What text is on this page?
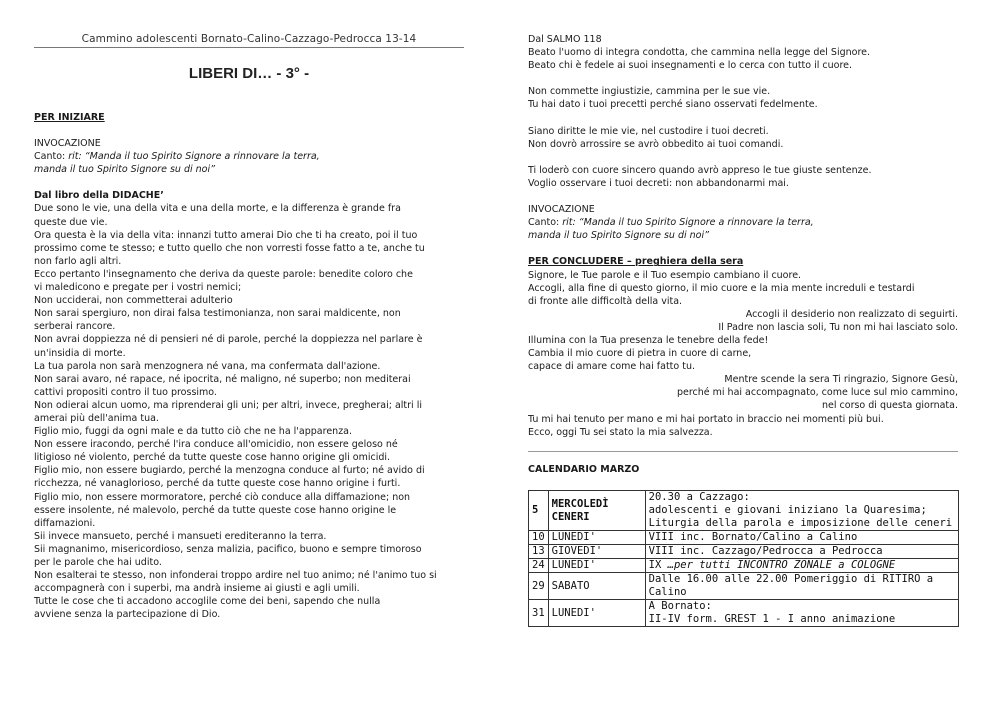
Cammino adolescenti Bornato-Calino-Cazzago-Pedrocca 13-14
LIBERI DI… - 3° -

PER INIZIARE

INVOCAZIONE

Canto: rit: “Manda il tuo Spirito Signore a rinnovare la terra,

manda il tuo Spirito Signore su di noi”

Dal libro della DIDACHE’

Due sono le vie, una della vita e una della morte, e la differenza è grande fra

queste due vie.

Ora questa è la via della vita: innanzi tutto amerai Dio che ti ha creato, poi il tuo

prossimo come te stesso; e tutto quello che non vorresti fosse fatto a te, anche tu

non farlo agli altri.

Ecco pertanto l'insegnamento che deriva da queste parole: benedite coloro che

vi maledicono e pregate per i vostri nemici;

Non ucciderai, non commetterai adulterio

Non sarai spergiuro, non dirai falsa testimonianza, non sarai maldicente, non

serberai rancore.

Non avrai doppiezza né di pensieri né di parole, perché la doppiezza nel parlare è

un'insidia di morte.

La tua parola non sarà menzognera né vana, ma confermata dall'azione.

Non sarai avaro, né rapace, né ipocrita, né maligno, né superbo; non mediterai

cattivi propositi contro il tuo prossimo.

Non odierai alcun uomo, ma riprenderai gli uni; per altri, invece, pregherai; altri li

amerai più dell'anima tua.

Figlio mio, fuggi da ogni male e da tutto ciò che ne ha l'apparenza.

Non essere iracondo, perché l'ira conduce all'omicidio, non essere geloso né

litigioso né violento, perché da tutte queste cose hanno origine gli omicidi.

Figlio mio, non essere bugiardo, perché la menzogna conduce al furto; né avido di

ricchezza, né vanaglorioso, perché da tutte queste cose hanno origine i furti.

Figlio mio, non essere mormoratore, perché ciò conduce alla diffamazione; non

essere insolente, né malevolo, perché da tutte queste cose hanno origine le

diffamazioni.

Sii invece mansueto, perché i mansueti erediteranno la terra.

Sii magnanimo, misericordioso, senza malizia, pacifico, buono e sempre timoroso

per le parole che hai udito.

Non esalterai te stesso, non infonderai troppo ardire nel tuo animo; né l'animo tuo si

accompagnerà con i superbi, ma andrà insieme ai giusti e agli umili.

Tutte le cose che ti accadono accoglile come dei beni, sapendo che nulla

avviene senza la partecipazione di Dio.

Dal SALMO 118

Beato l'uomo di integra condotta, che cammina nella legge del Signore.

Beato chi è fedele ai suoi insegnamenti e lo cerca con tutto il cuore.

Non commette ingiustizie, cammina per le sue vie.

Tu hai dato i tuoi precetti perché siano osservati fedelmente.

Siano diritte le mie vie, nel custodire i tuoi decreti.

Non dovrò arrossire se avrò obbedito ai tuoi comandi.

Ti loderò con cuore sincero quando avrò appreso le tue giuste sentenze.

Voglio osservare i tuoi decreti: non abbandonarmi mai.

INVOCAZIONE

Canto: rit: “Manda il tuo Spirito Signore a rinnovare la terra,

manda il tuo Spirito Signore su di noi”

PER CONCLUDERE – preghiera della sera

Signore, le Tue parole e il Tuo esempio cambiano il cuore.

Accogli, alla fine di questo giorno, il mio cuore e la mia mente increduli e testardi

di fronte alle difficoltà della vita.

Accogli il desiderio non realizzato di seguirti.

Il Padre non lascia soli, Tu non mi hai lasciato solo.

Illumina con la Tua presenza le tenebre della fede!

Cambia il mio cuore di pietra in cuore di carne,

capace di amare come hai fatto tu.

Mentre scende la sera Ti ringrazio, Signore Gesù,

perché mi hai accompagnato, come luce sul mio cammino,

nel corso di questa giornata.

Tu mi hai tenuto per mano e mi hai portato in braccio nei momenti più bui.

Ecco, oggi Tu sei stato la mia salvezza.

CALENDARIO MARZO
5	MERCOLEDÌ CENERI	20.30 a Cazzago:
adolescenti e giovani iniziano la Quaresima;
Liturgia della parola e imposizione delle ceneri

10	LUNEDI'	VIII inc. Bornato/Calino a Calino

13	GIOVEDI'	VIII inc. Cazzago/Pedrocca a Pedrocca

24	LUNEDI'	IX …per tutti INCONTRO ZONALE a COLOGNE

29	SABATO	Dalle 16.00 alle 22.00 Pomeriggio di RITIRO a Calino

31	LUNEDI'	A Bornato:
II-IV form. GREST 1 - I anno animazione
